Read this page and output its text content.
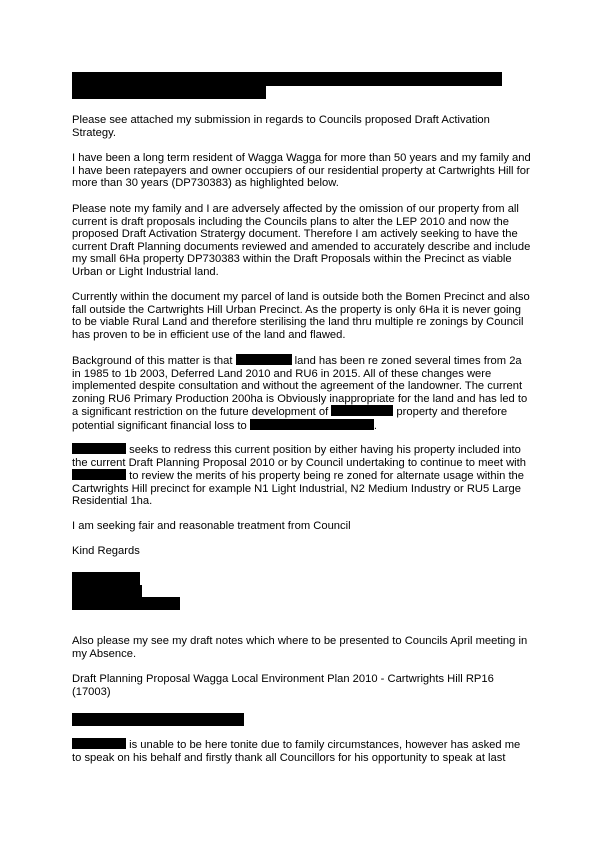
Please see attached my submission in regards to Councils proposed Draft Activation Strategy.

I have been a long term resident of Wagga Wagga for more than 50 years and my family and I have been ratepayers and owner occupiers of our residential property at Cartwrights Hill for more than 30 years (DP730383) as highlighted below.

Please note my family and I are adversely affected by the omission of our property from all current is draft proposals including the Councils plans to alter the LEP 2010 and now the proposed Draft Activation Stratergy document. Therefore I am actively seeking to have the current Draft Planning documents reviewed and amended to accurately describe and include my small 6Ha property DP730383 within the Draft Proposals within the Precinct as viable Urban or Light Industrial land.

Currently within the document my parcel of land is outside both the Bomen Precinct and also fall outside the Cartwrights Hill Urban Precinct. As the property is only 6Ha it is never going to be viable Rural Land and therefore sterilising the land thru multiple re zonings by Council has proven to be in efficient use of the land and flawed.

Background of this matter is that	land has been re zoned several times from 2a in 1985 to 1b 2003, Deferred Land 2010 and RU6 in 2015. All of these changes were implemented despite consultation and without the agreement of the landowner. The current zoning RU6 Primary Production 200ha is Obviously inappropriate for the land and has led to a significant restriction on the future development of	property and therefore potential significant financial loss to	.

seeks to redress this current position by either having his property included into the current Draft Planning Proposal 2010 or by Council undertaking to continue to meet with  to review the merits of his property being re zoned for alternate usage within the Cartwrights Hill precinct for example N1 Light Industrial, N2 Medium Industry or RU5 Large Residential 1ha.

I am seeking fair and reasonable treatment from Council

Kind Regards

Also please my see my draft notes which where to be presented to Councils April meeting in my Absence.

Draft Planning Proposal Wagga Local Environment Plan 2010 - Cartwrights Hill RP16 (17003)

is unable to be here tonite due to family circumstances, however has asked me to speak on his behalf and firstly thank all Councillors for his opportunity to speak at last
